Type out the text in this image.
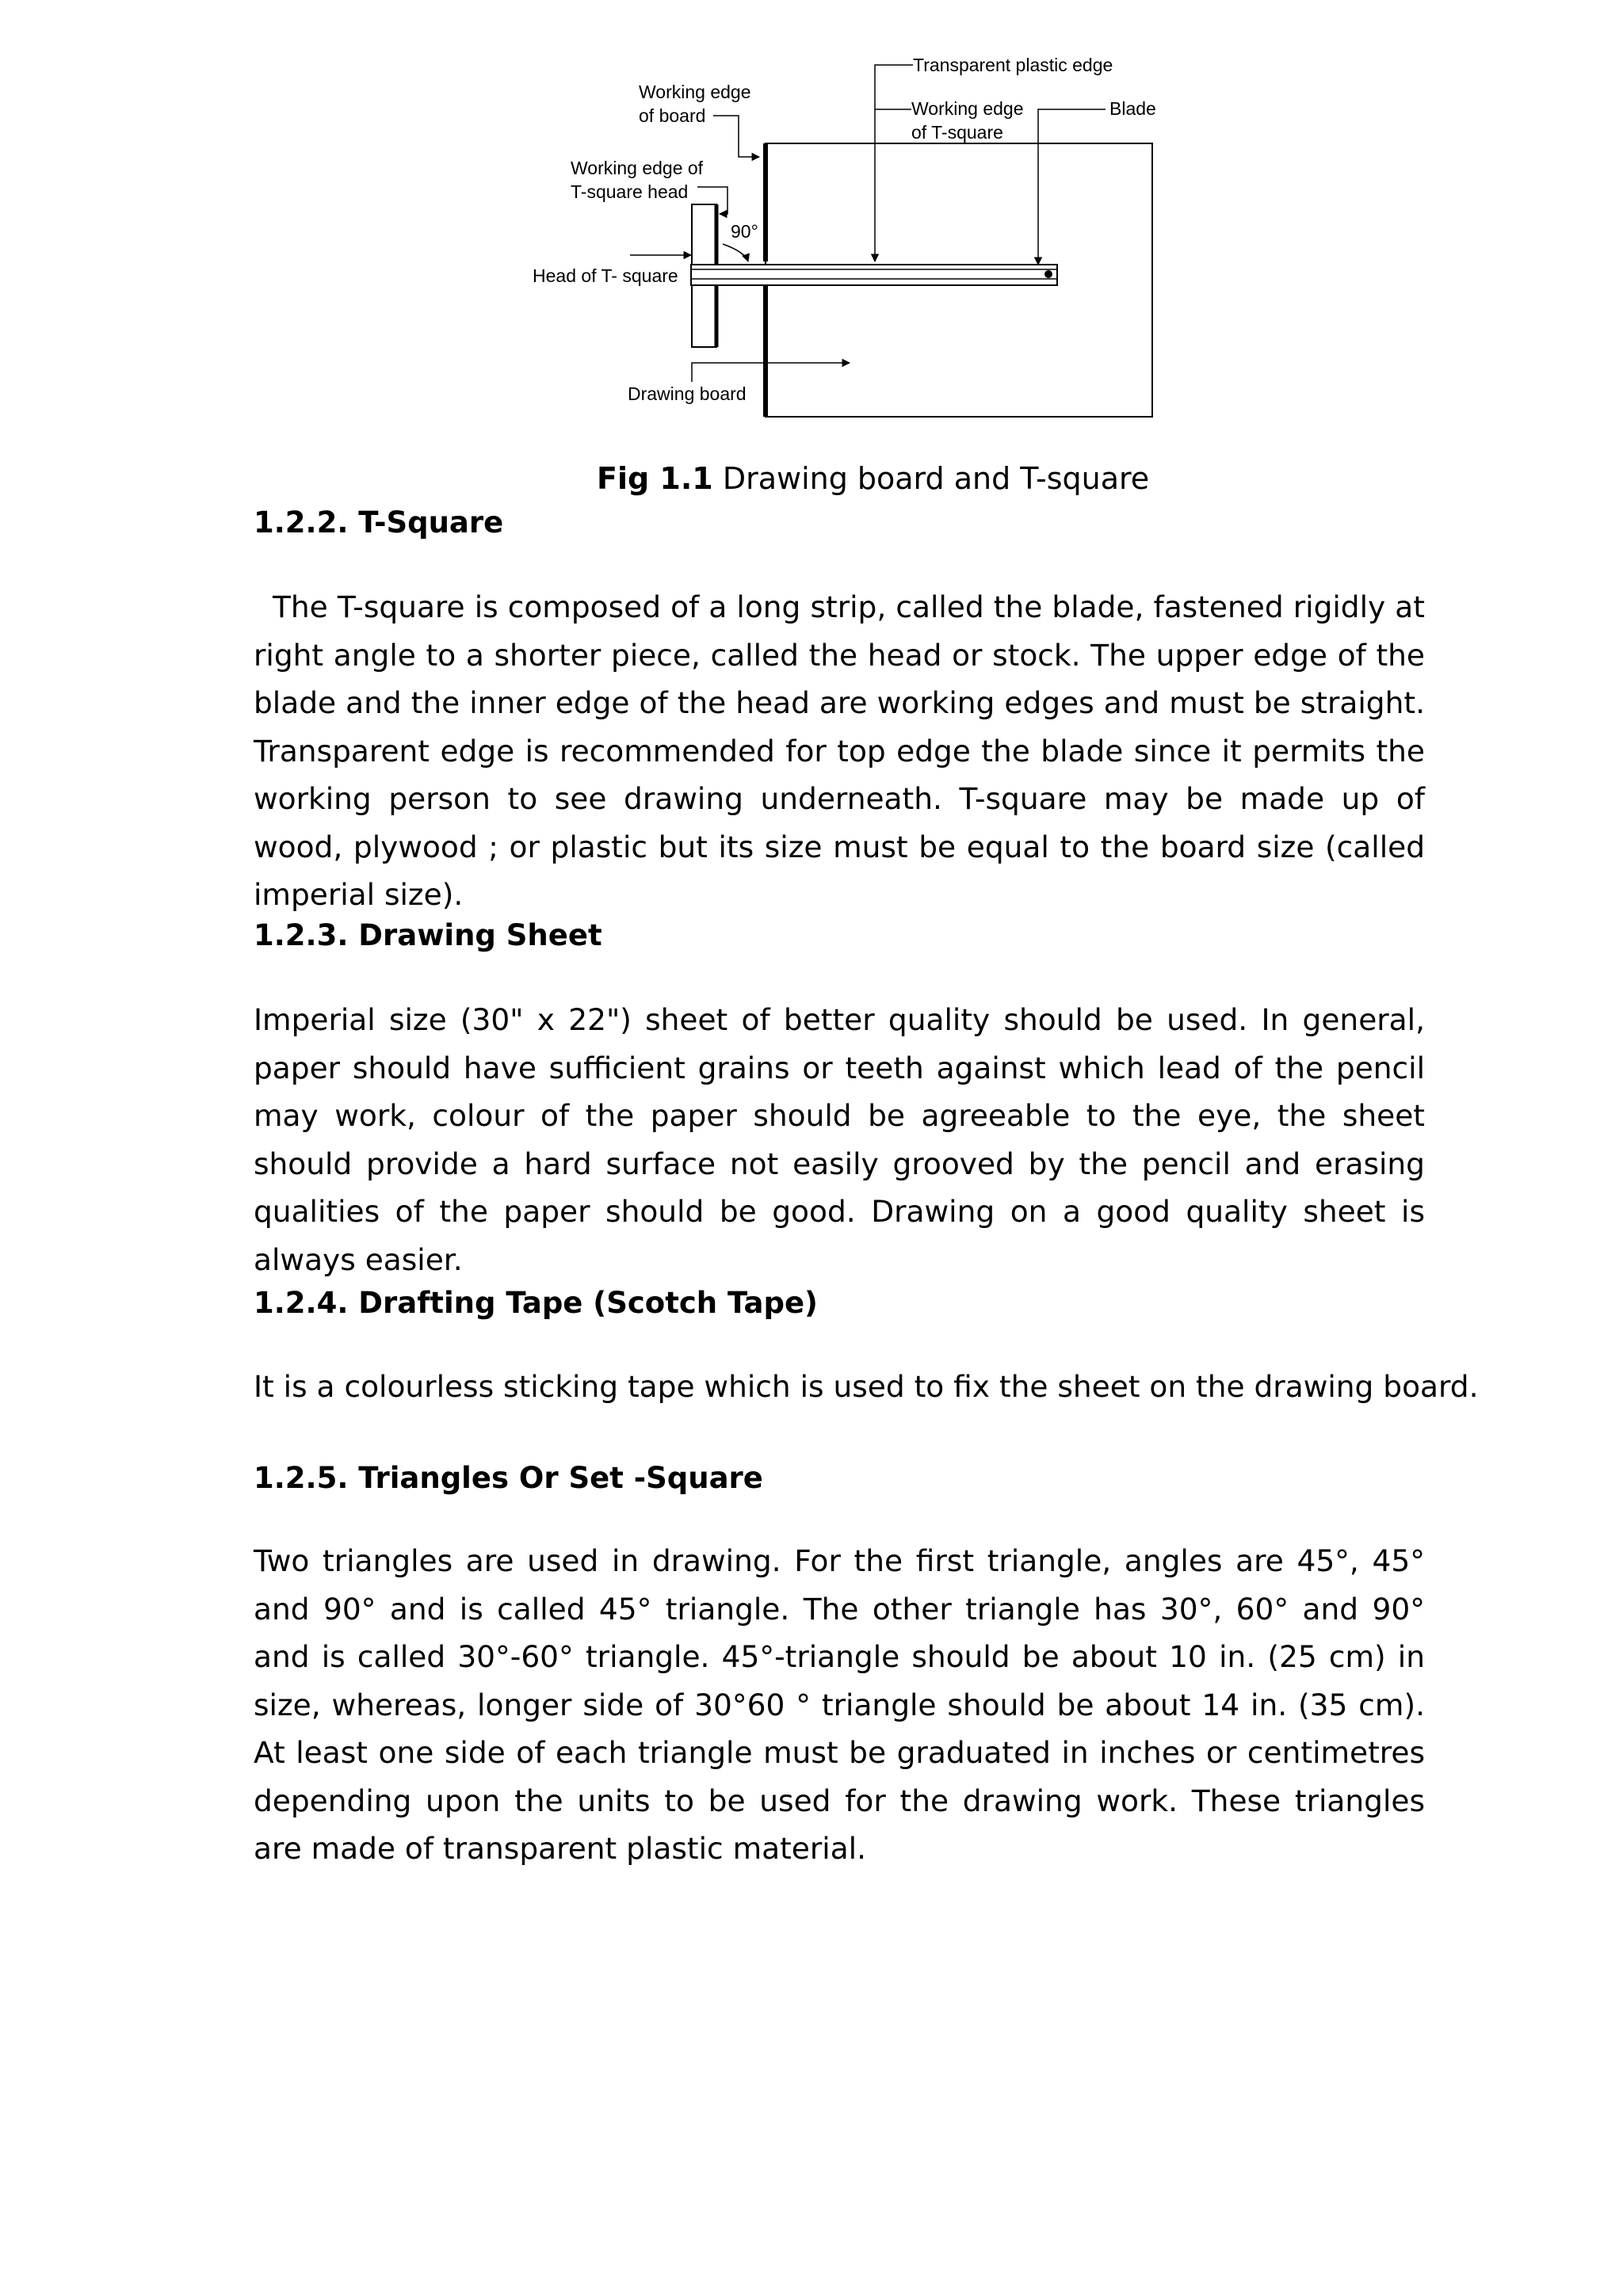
Transparent plastic edge
Working edge
of T-square
Blade
Working edge
of board
Working edge of
T-square head
90°
Head of T- square
Drawing board
Fig 1.1 Drawing board and T-square
1.2.2. T-Square

The T-square is composed of a long strip, called the blade, fastened rigidly at right angle to a shorter piece, called the head or stock. The upper edge of the blade and the inner edge of the head are working edges and must be straight. Transparent edge is recommended for top edge the blade since it permits the working person to see drawing underneath. T-square may be made up of wood, plywood ; or plastic but its size must be equal to the board size (called imperial size).

1.2.3. Drawing Sheet

Imperial size (30" x 22") sheet of better quality should be used. In general, paper should have sufficient grains or teeth against which lead of the pencil may work, colour of the paper should be agreeable to the eye, the sheet should provide a hard surface not easily grooved by the pencil and erasing qualities of the paper should be good. Drawing on a good quality sheet is always easier.

1.2.4. Drafting Tape (Scotch Tape)

It is a colourless sticking tape which is used to fix the sheet on the drawing board.

1.2.5. Triangles Or Set -Square

Two triangles are used in drawing. For the first triangle, angles are 45°, 45° and 90° and is called 45° triangle. The other triangle has 30°, 60° and 90° and is called 30°-60° triangle. 45°-triangle should be about 10 in. (25 cm) in size, whereas, longer side of 30°60 ° triangle should be about 14 in. (35 cm). At least one side of each triangle must be graduated in inches or centimetres depending upon the units to be used for the drawing work. These triangles are made of transparent plastic material.
